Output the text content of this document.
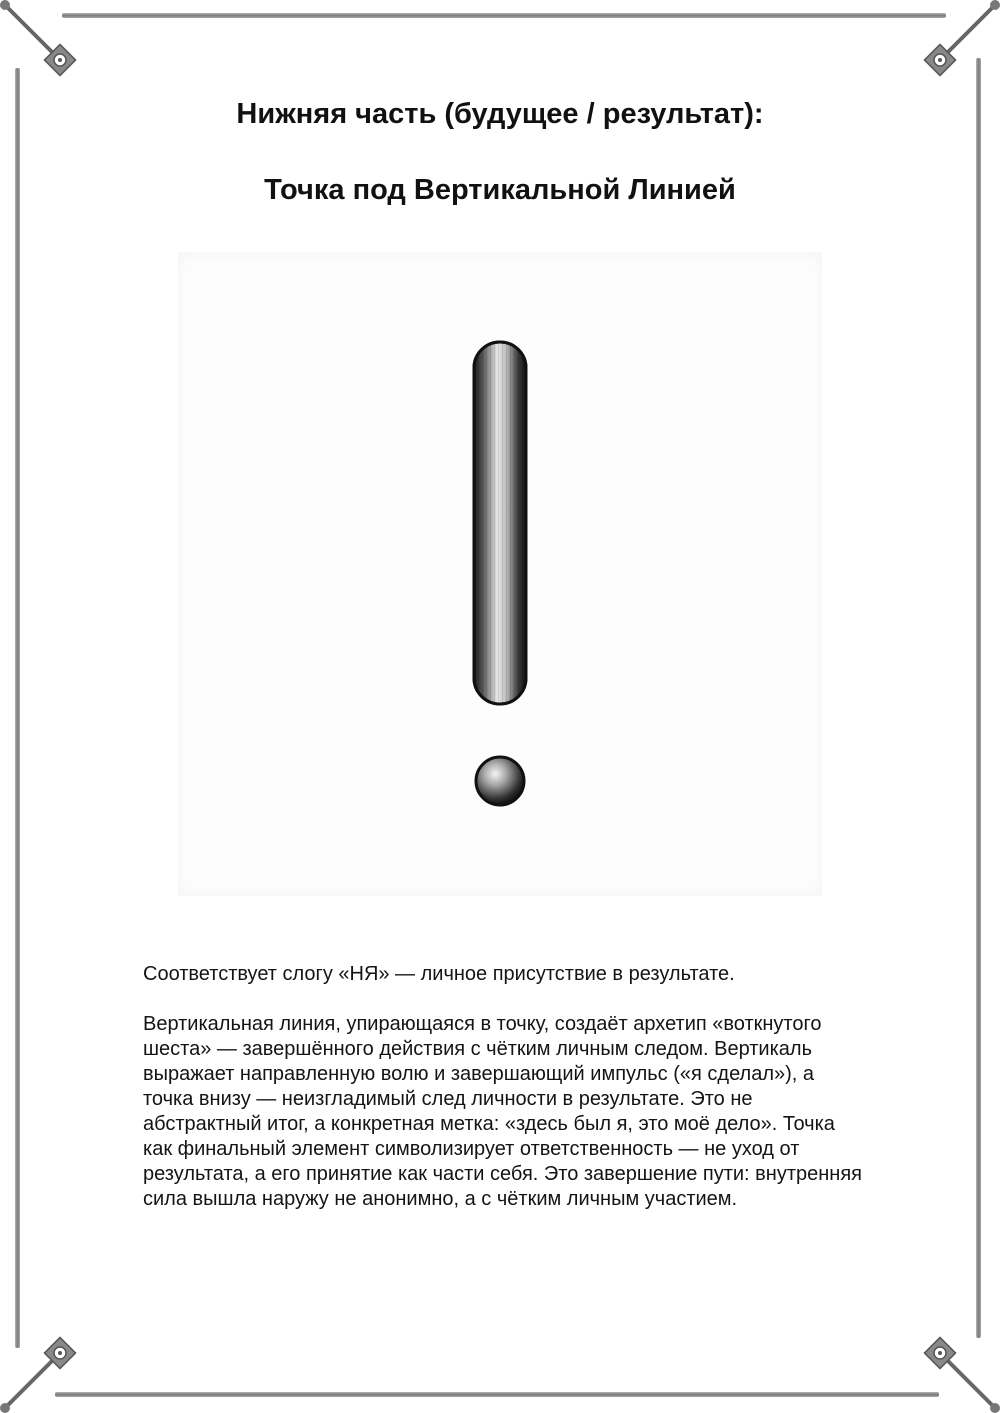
Нижняя часть (будущее / результат):
Точка под Вертикальной Линией

Соответствует слогу «НЯ» — личное присутствие в результате.

Вертикальная линия, упирающаяся в точку, создаёт архетип «воткнутого шеста» — завершённого действия с чётким личным следом. Вертикаль выражает направленную волю и завершающий импульс («я сделал»), а точка внизу — неизгладимый след личности в результате. Это не абстрактный итог, а конкретная метка: «здесь был я, это моё дело». Точка как финальный элемент символизирует ответственность — не уход от результата, а его принятие как части себя. Это завершение пути: внутренняя сила вышла наружу не анонимно, а с чётким личным участием.
